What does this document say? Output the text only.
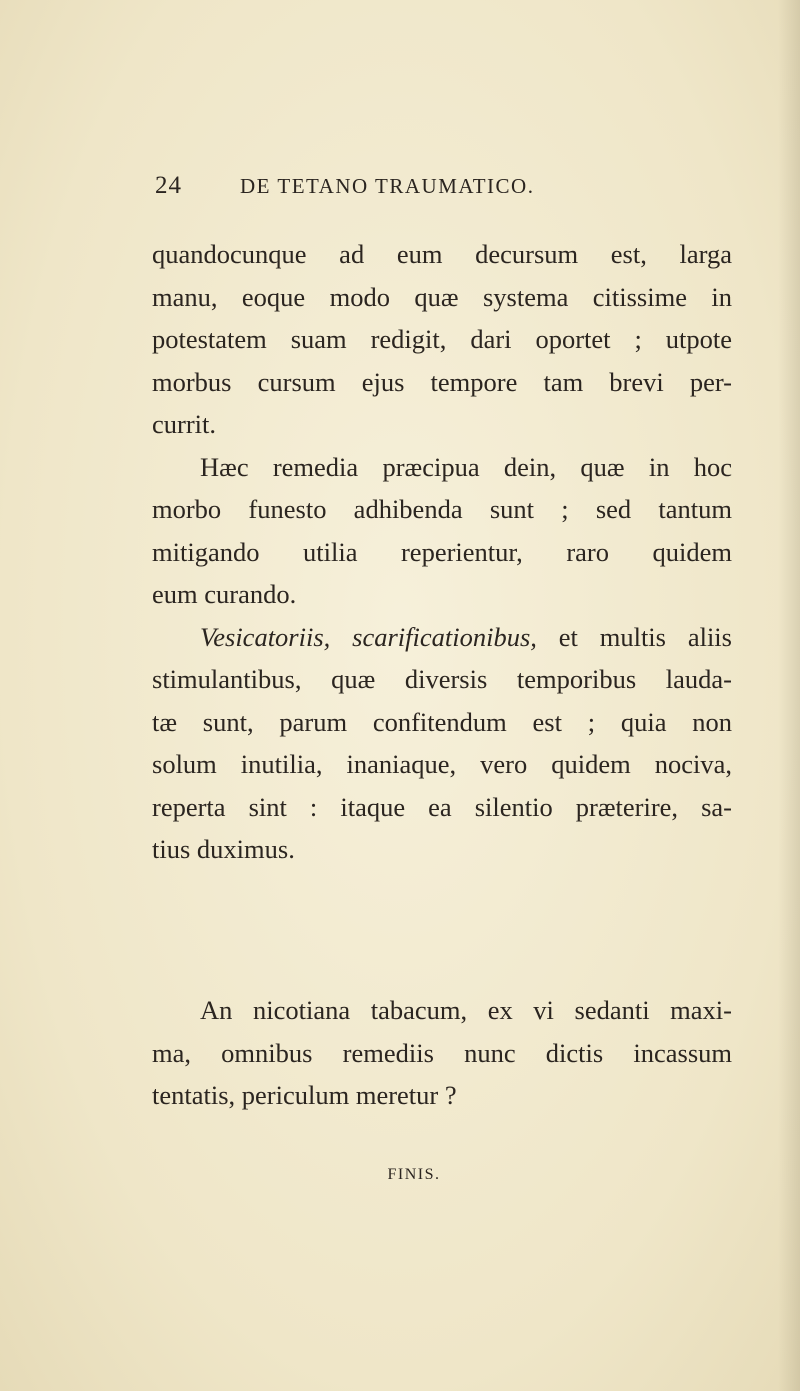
24	DE TETANO TRAUMATICO.

quandocunque ad eum decursum est, larga
manu, eoque modo quæ systema citissime in
potestatem suam redigit, dari oportet ; utpote
morbus cursum ejus tempore tam brevi per-
currit.

Hæc remedia præcipua dein, quæ in hoc
morbo funesto adhibenda sunt ; sed tantum
mitigando utilia reperientur, raro quidem
eum curando.

Vesicatoriis, scarificationibus, et multis aliis
stimulantibus, quæ diversis temporibus lauda-
tæ sunt, parum confitendum est ; quia non
solum inutilia, inaniaque, vero quidem nociva,
reperta sint : itaque ea silentio præterire, sa-
tius duximus.

An nicotiana tabacum, ex vi sedanti maxi-
ma, omnibus remediis nunc dictis incassum
tentatis, periculum meretur ?
FINIS.
